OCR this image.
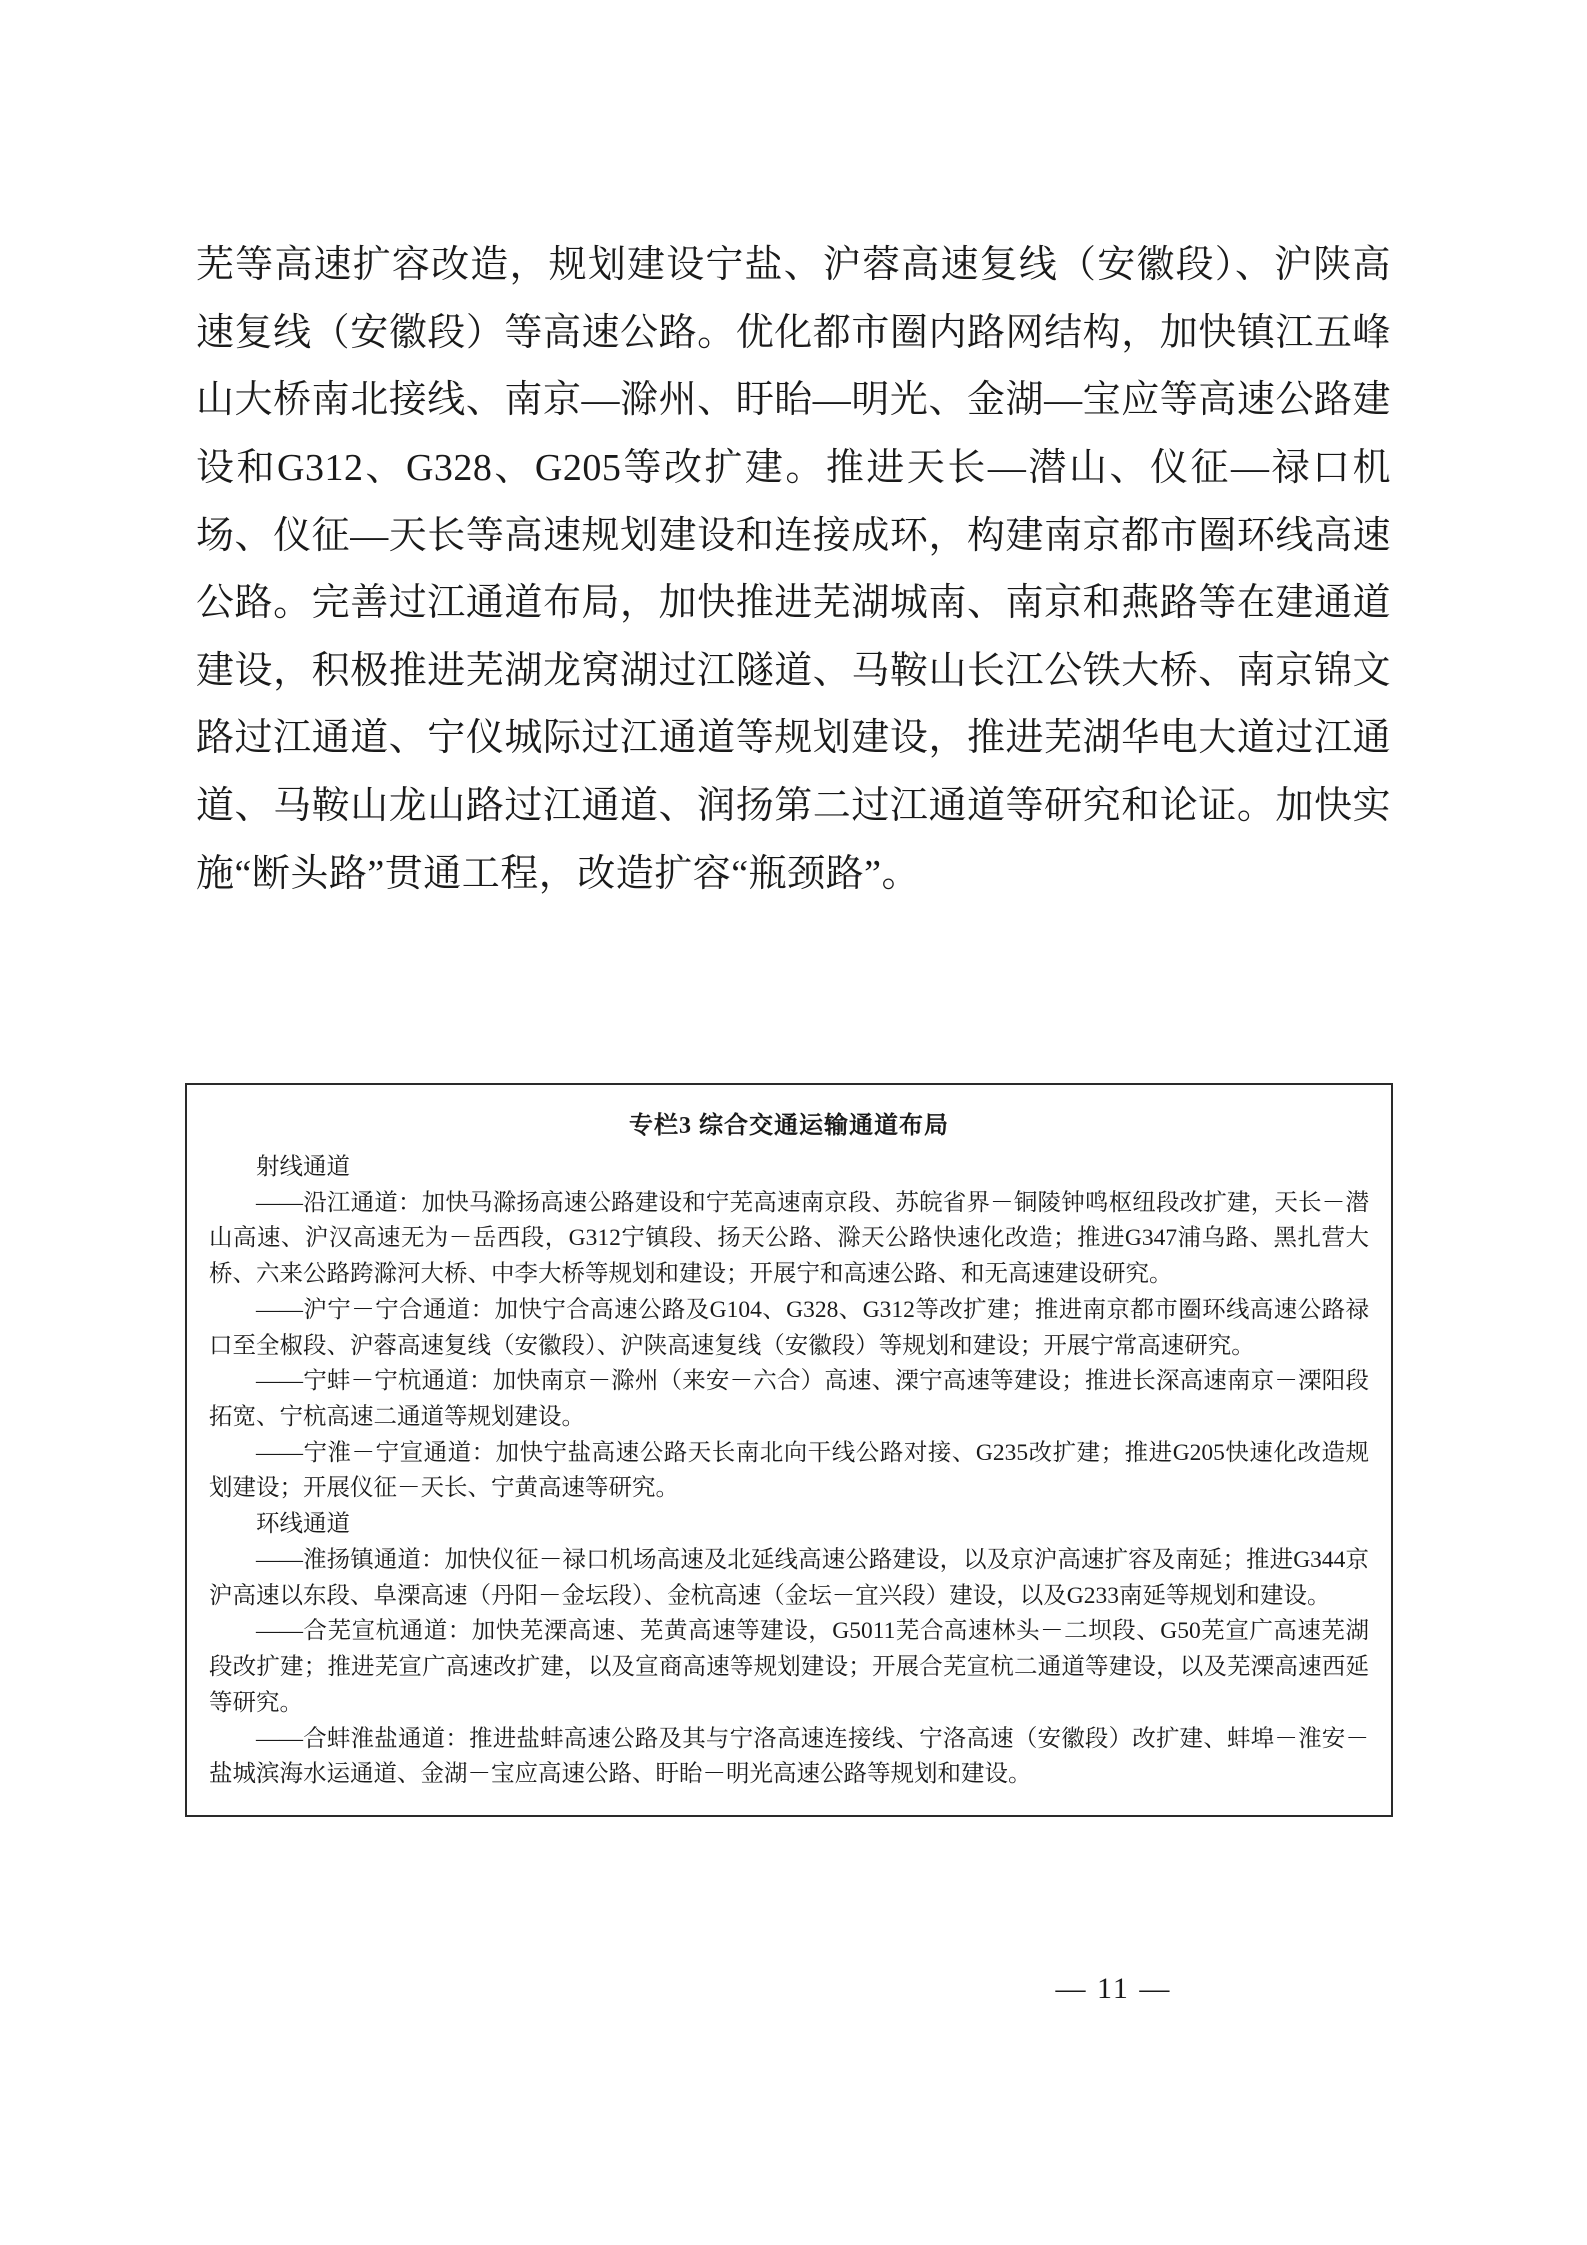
芜等高速扩容改造，规划建设宁盐、沪蓉高速复线（安徽段）、沪陕高速复线（安徽段）等高速公路。优化都市圈内路网结构，加快镇江五峰山大桥南北接线、南京—滁州、盱眙—明光、金湖—宝应等高速公路建设和G312、G328、G205等改扩建。推进天长—潜山、仪征—禄口机场、仪征—天长等高速规划建设和连接成环，构建南京都市圈环线高速公路。完善过江通道布局，加快推进芜湖城南、南京和燕路等在建通道建设，积极推进芜湖龙窝湖过江隧道、马鞍山长江公铁大桥、南京锦文路过江通道、宁仪城际过江通道等规划建设，推进芜湖华电大道过江通道、马鞍山龙山路过江通道、润扬第二过江通道等研究和论证。加快实施“断头路”贯通工程，改造扩容“瓶颈路”。

专栏3 综合交通运输通道布局

射线通道

——沿江通道：加快马滁扬高速公路建设和宁芜高速南京段、苏皖省界－铜陵钟鸣枢纽段改扩建，天长－潜山高速、沪汉高速无为－岳西段，G312宁镇段、扬天公路、滁天公路快速化改造；推进G347浦乌路、黑扎营大桥、六来公路跨滁河大桥、中李大桥等规划和建设；开展宁和高速公路、和无高速建设研究。

——沪宁－宁合通道：加快宁合高速公路及G104、G328、G312等改扩建；推进南京都市圈环线高速公路禄口至全椒段、沪蓉高速复线（安徽段）、沪陕高速复线（安徽段）等规划和建设；开展宁常高速研究。

——宁蚌－宁杭通道：加快南京－滁州（来安－六合）高速、溧宁高速等建设；推进长深高速南京－溧阳段拓宽、宁杭高速二通道等规划建设。

——宁淮－宁宣通道：加快宁盐高速公路天长南北向干线公路对接、G235改扩建；推进G205快速化改造规划建设；开展仪征－天长、宁黄高速等研究。

环线通道

——淮扬镇通道：加快仪征－禄口机场高速及北延线高速公路建设，以及京沪高速扩容及南延；推进G344京沪高速以东段、阜溧高速（丹阳－金坛段）、金杭高速（金坛－宜兴段）建设，以及G233南延等规划和建设。

——合芜宣杭通道：加快芜溧高速、芜黄高速等建设，G5011芜合高速林头－二坝段、G50芜宣广高速芜湖段改扩建；推进芜宣广高速改扩建，以及宣商高速等规划建设；开展合芜宣杭二通道等建设，以及芜溧高速西延等研究。

——合蚌淮盐通道：推进盐蚌高速公路及其与宁洛高速连接线、宁洛高速（安徽段）改扩建、蚌埠－淮安－盐城滨海水运通道、金湖－宝应高速公路、盱眙－明光高速公路等规划和建设。

— 11 —
